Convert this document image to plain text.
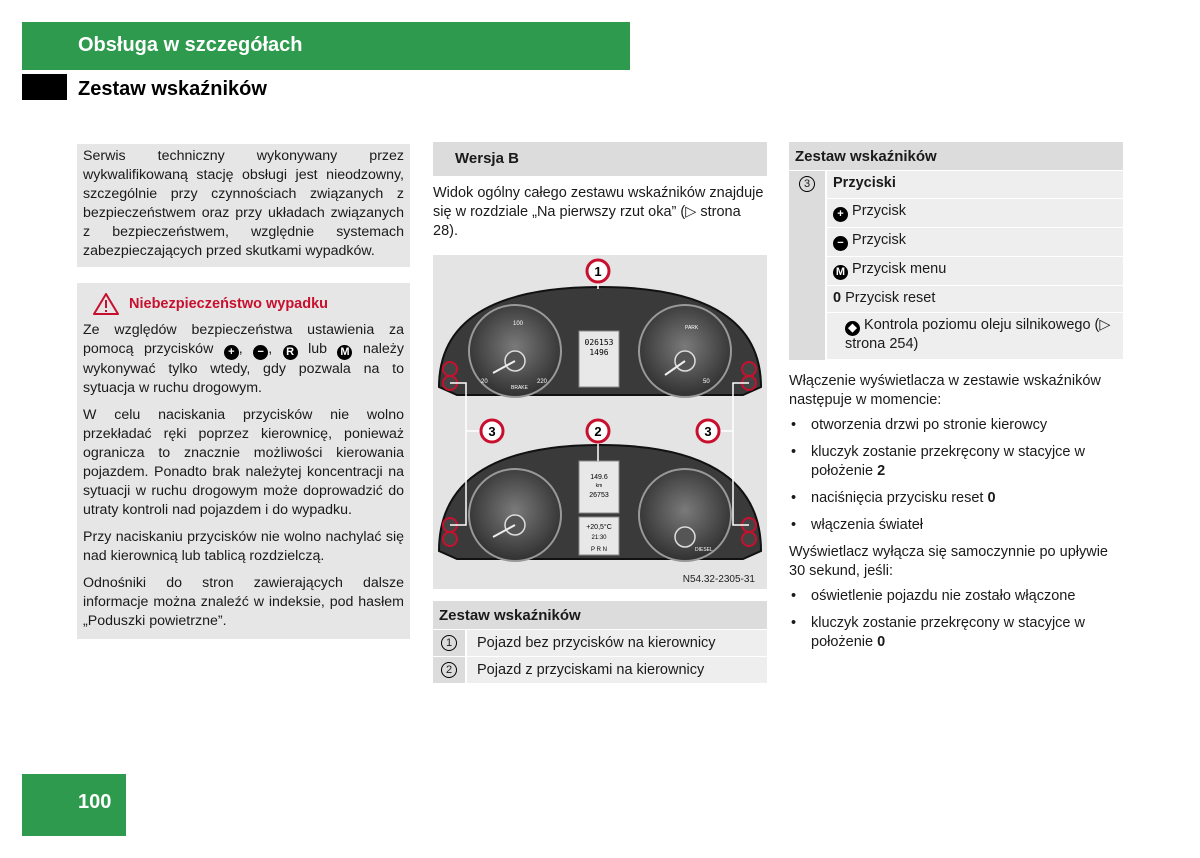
Obsługa w szczegółach
Zestaw wskaźników
Serwis techniczny wykonywany przez wykwalifikowaną stację obsługi jest nieodzowny, szczególnie przy czynnościach związanych z bezpieczeństwem oraz przy układach związanych z bezpieczeństwem, względnie systemach zabezpieczających przed skutkami wypadków.
Niebezpieczeństwo wypadku

Ze względów bezpieczeństwa ustawienia za pomocą przycisków + , − , R lub M należy wykonywać tylko wtedy, gdy pozwala na to sytuacja w ruchu drogowym.

W celu naciskania przycisków nie wolno przekładać ręki poprzez kierownicę, ponieważ ogranicza to znacznie możliwości kierowania pojazdem. Ponadto brak należytej koncentracji na sytuacji w ruchu drogowym może doprowadzić do utraty kontroli nad pojazdem i do wypadku.

Przy naciskaniu przycisków nie wolno nachylać się nad kierownicą lub tablicą rozdzielczą.

Odnośniki do stron zawierających dalsze informacje można znaleźć w indeksie, pod hasłem „Poduszki powietrzne”.

Wersja B
Widok ogólny całego zestawu wskaźników znajduje się w rozdziale „Na pierwszy rzut oka” (▷ strona 28).
026153
1496
BRAKE
PARK
20
100
220	50
149.6
km
26753
+20,5°C
21:30
P R N	DIESEL
1
2
3	3
N54.32-2305-31
Zestaw wskaźników
1	Pojazd bez przycisków na kierownicy
2	Pojazd z przyciskami na kierownicy
Zestaw wskaźników
3	Przyciski
+ Przycisk
− Przycisk
M Przycisk menu
0 Przycisk reset
◆ Kontrola poziomu oleju silnikowego (▷ strona 254)
Włączenie wyświetlacza w zestawie wskaźników następuje w momencie:
• otworzenia drzwi po stronie kierowcy
• kluczyk zostanie przekręcony w stacyjce w położenie 2
• naciśnięcia przycisku reset 0
• włączenia świateł
Wyświetlacz wyłącza się samoczynnie po upływie 30 sekund, jeśli:
• oświetlenie pojazdu nie zostało włączone
• kluczyk zostanie przekręcony w stacyjce w położenie 0
100
